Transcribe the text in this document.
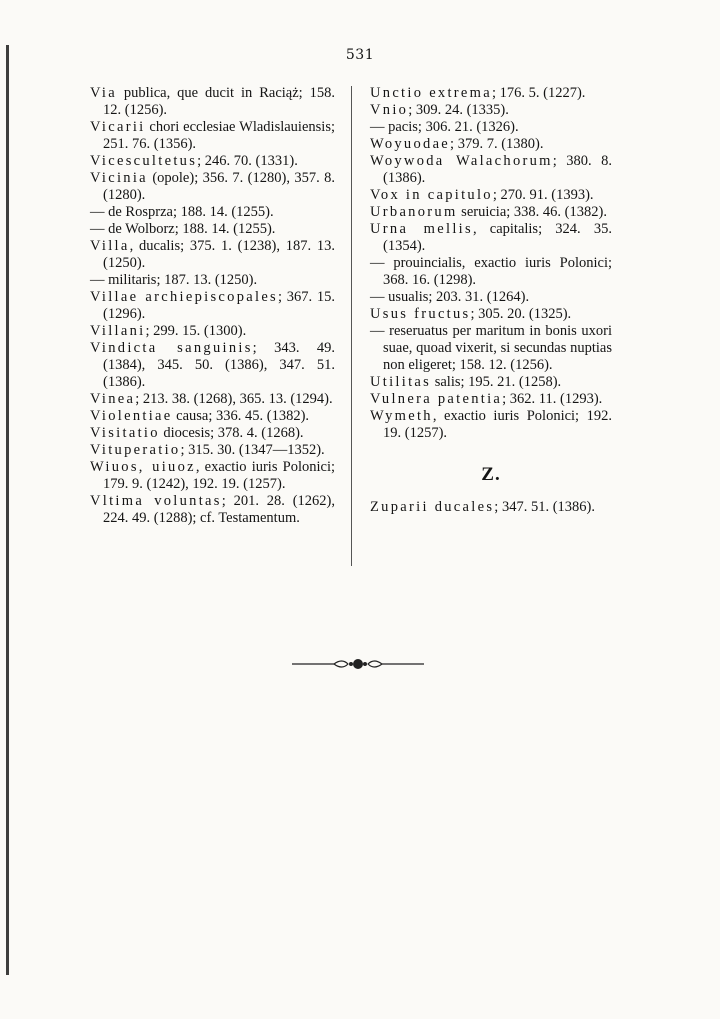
531

Via publica, que ducit in Raciąż; 158. 12. (1256).

Vicarii chori ecclesiae Wladislauiensis; 251. 76. (1356).

Vicescultetus; 246. 70. (1331).

Vicinia (opole); 356. 7. (1280), 357. 8. (1280).

— de Rosprza; 188. 14. (1255).

— de Wolborz; 188. 14. (1255).

Villa, ducalis; 375. 1. (1238), 187. 13. (1250).

— militaris; 187. 13. (1250).

Villae archiepiscopales; 367. 15. (1296).

Villani; 299. 15. (1300).

Vindicta sanguinis; 343. 49. (1384), 345. 50. (1386), 347. 51. (1386).

Vinea; 213. 38. (1268), 365. 13. (1294).

Violentiae causa; 336. 45. (1382).

Visitatio diocesis; 378. 4. (1268).

Vituperatio; 315. 30. (1347—1352).

Wiuos, uiuoz, exactio iuris Polonici; 179. 9. (1242), 192. 19. (1257).

Vltima voluntas; 201. 28. (1262), 224. 49. (1288); cf. Testamentum.

Unctio extrema; 176. 5. (1227).

Vnio; 309. 24. (1335).

— pacis; 306. 21. (1326).

Woyuodae; 379. 7. (1380).

Woywoda Walachorum; 380. 8. (1386).

Vox in capitulo; 270. 91. (1393).

Urbanorum seruicia; 338. 46. (1382).

Urna mellis, capitalis; 324. 35. (1354).

— prouincialis, exactio iuris Polonici; 368. 16. (1298).

— usualis; 203. 31. (1264).

Usus fructus; 305. 20. (1325).

— reseruatus per maritum in bonis uxori suae, quoad vixerit, si secundas nuptias non eligeret; 158. 12. (1256).

Utilitas salis; 195. 21. (1258).

Vulnera patentia; 362. 11. (1293).

Wymeth, exactio iuris Polonici; 192. 19. (1257).

Z.

Zuparii ducales; 347. 51. (1386).
